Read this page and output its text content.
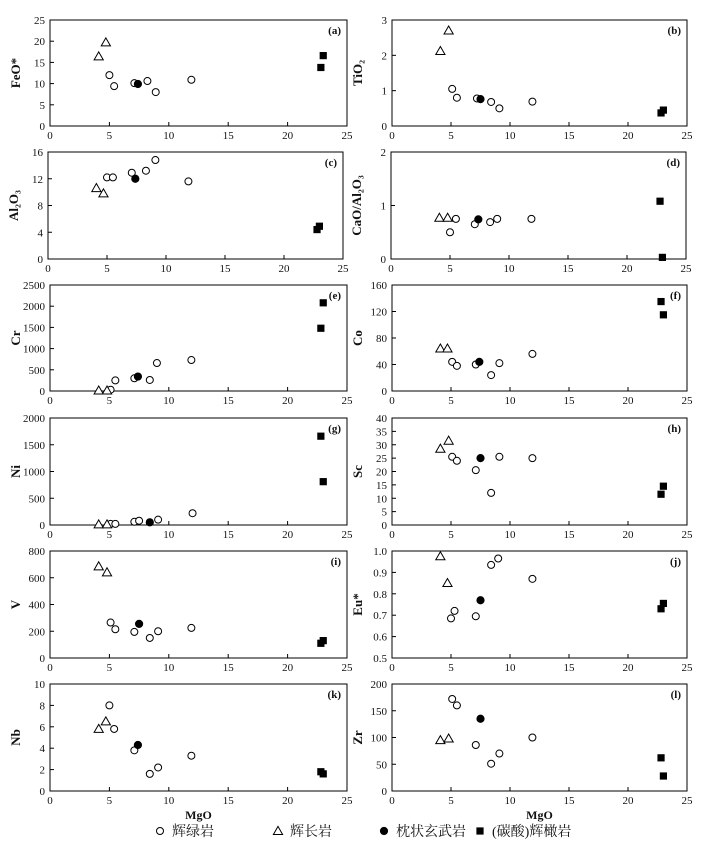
0	5	10	15	20	25
0
5
10
15
20
25
FeO*
(a)
0	5	10	15	20	25
0
1
2
3
TiO₂
(b)
0	5	10	15	20	25
0
4
8
12
16
Al₂O₃
(c)
0	5	10	15	20	25
0
1
2
CaO/Al₂O₃
(d)
0	5	10	15	20	25
0
500
1000
1500
2000
2500
Cr
(e)
0	5	10	15	20	25
0
40
80
120
160
Co
(f)
0	5	10	15	20	25
0
500
1000
1500
2000
Ni
(g)
0	5	10	15	20	25
0
5
10
15
20
25
30
35
40
Sc
(h)
0	5	10	15	20	25
0
200
400
600
800
V
(i)
0	5	10	15	20	25
0.5
0.6
0.7
0.8
0.9
1.0
Eu*
(j)
0	5	10	15	20	25
0
2
4
6
8
10
Nb
MgO
(k)
0	5	10	15	20	25
0
50
100
150
200
Zr
MgO
(l)
辉绿岩	辉长岩	枕状玄武岩 (碳酸)辉橄岩
